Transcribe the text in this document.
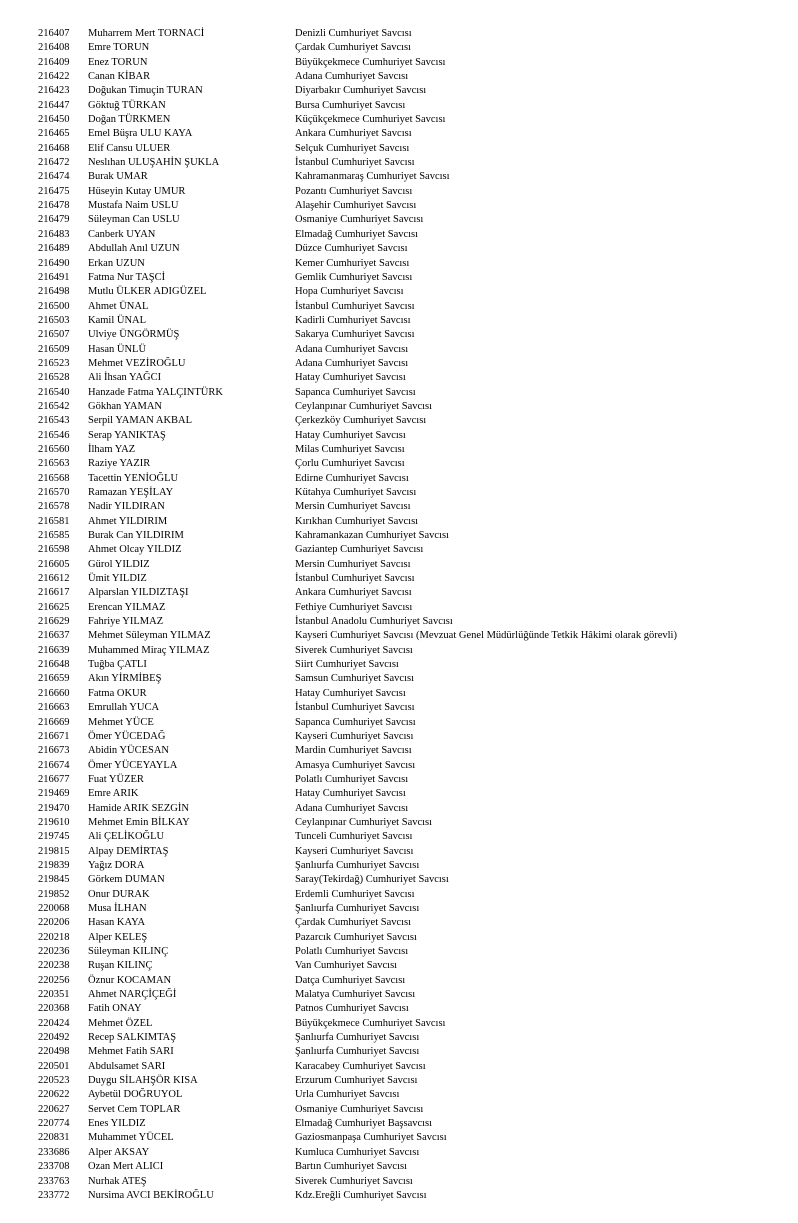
216407 Muharrem Mert TORNACİ	Denizli Cumhuriyet Savcısı
216408 Emre TORUN	Çardak Cumhuriyet Savcısı
216409 Enez TORUN	Büyükçekmece Cumhuriyet Savcısı
216422 Canan KİBAR	Adana Cumhuriyet Savcısı
216423 Doğukan Timuçin TURAN	Diyarbakır Cumhuriyet Savcısı
216447 Göktuğ TÜRKAN	Bursa Cumhuriyet Savcısı
216450 Doğan TÜRKMEN	Küçükçekmece Cumhuriyet Savcısı
216465 Emel Büşra ULU KAYA	Ankara Cumhuriyet Savcısı
216468 Elif Cansu ULUER	Selçuk Cumhuriyet Savcısı
216472 Neslıhan ULUŞAHİN ŞUKLA	İstanbul Cumhuriyet Savcısı
216474 Burak UMAR	Kahramanmaraş Cumhuriyet Savcısı
216475 Hüseyin Kutay UMUR	Pozantı Cumhuriyet Savcısı
216478 Mustafa Naim USLU	Alaşehir Cumhuriyet Savcısı
216479 Süleyman Can USLU	Osmaniye Cumhuriyet Savcısı
216483 Canberk UYAN	Elmadağ Cumhuriyet Savcısı
216489 Abdullah Anıl UZUN	Düzce Cumhuriyet Savcısı
216490 Erkan UZUN	Kemer Cumhuriyet Savcısı
216491 Fatma Nur TAŞCİ	Gemlik Cumhuriyet Savcısı
216498 Mutlu ÜLKER ADIGÜZEL	Hopa Cumhuriyet Savcısı
216500 Ahmet ÜNAL	İstanbul Cumhuriyet Savcısı
216503 Kamil ÜNAL	Kadirli Cumhuriyet Savcısı
216507 Ulviye ÜNGÖRMÜŞ	Sakarya Cumhuriyet Savcısı
216509 Hasan ÜNLÜ	Adana Cumhuriyet Savcısı
216523 Mehmet VEZİROĞLU	Adana Cumhuriyet Savcısı
216528 Ali İhsan YAĞCI	Hatay Cumhuriyet Savcısı
216540 Hanzade Fatma YALÇINTÜRK	Sapanca Cumhuriyet Savcısı
216542 Gökhan YAMAN	Ceylanpınar Cumhuriyet Savcısı
216543 Serpil YAMAN AKBAL	Çerkezköy Cumhuriyet Savcısı
216546 Serap YANIKTAŞ	Hatay Cumhuriyet Savcısı
216560 İlham YAZ	Milas Cumhuriyet Savcısı
216563 Raziye YAZIR	Çorlu Cumhuriyet Savcısı
216568 Tacettin YENİOĞLU	Edirne Cumhuriyet Savcısı
216570 Ramazan YEŞİLAY	Kütahya Cumhuriyet Savcısı
216578 Nadir YILDIRAN	Mersin Cumhuriyet Savcısı
216581 Ahmet YILDIRIM	Kırıkhan Cumhuriyet Savcısı
216585 Burak Can YILDIRIM	Kahramankazan Cumhuriyet Savcısı
216598 Ahmet Olcay YILDIZ	Gaziantep Cumhuriyet Savcısı
216605 Gürol YILDIZ	Mersin Cumhuriyet Savcısı
216612 Ümit YILDIZ	İstanbul Cumhuriyet Savcısı
216617 Alparslan YILDIZTAŞI	Ankara Cumhuriyet Savcısı
216625 Erencan YILMAZ	Fethiye Cumhuriyet Savcısı
216629 Fahriye YILMAZ	İstanbul Anadolu Cumhuriyet Savcısı
216637 Mehmet Süleyman YILMAZ	Kayseri Cumhuriyet Savcısı (Mevzuat Genel Müdürlüğünde Tetkik Hâkimi olarak görevli)
216639 Muhammed Miraç YILMAZ	Siverek Cumhuriyet Savcısı
216648 Tuğba ÇATLI	Siirt Cumhuriyet Savcısı
216659 Akın YİRMİBEŞ	Samsun Cumhuriyet Savcısı
216660 Fatma OKUR	Hatay Cumhuriyet Savcısı
216663 Emrullah YUCA	İstanbul Cumhuriyet Savcısı
216669 Mehmet YÜCE	Sapanca Cumhuriyet Savcısı
216671 Ömer YÜCEDAĞ	Kayseri Cumhuriyet Savcısı
216673 Abidin YÜCESAN	Mardin Cumhuriyet Savcısı
216674 Ömer YÜCEYAYLA	Amasya Cumhuriyet Savcısı
216677 Fuat YÜZER	Polatlı Cumhuriyet Savcısı
219469 Emre ARIK	Hatay Cumhuriyet Savcısı
219470 Hamide ARIK SEZGİN	Adana Cumhuriyet Savcısı
219610 Mehmet Emin BİLKAY	Ceylanpınar Cumhuriyet Savcısı
219745 Ali ÇELİKOĞLU	Tunceli Cumhuriyet Savcısı
219815 Alpay DEMİRTAŞ	Kayseri Cumhuriyet Savcısı
219839 Yağız DORA	Şanlıurfa Cumhuriyet Savcısı
219845 Görkem DUMAN	Saray(Tekirdağ) Cumhuriyet Savcısı
219852 Onur DURAK	Erdemli Cumhuriyet Savcısı
220068 Musa İLHAN	Şanlıurfa Cumhuriyet Savcısı
220206 Hasan KAYA	Çardak Cumhuriyet Savcısı
220218 Alper KELEŞ	Pazarcık Cumhuriyet Savcısı
220236 Süleyman KILINÇ	Polatlı Cumhuriyet Savcısı
220238 Ruşan KILINÇ	Van Cumhuriyet Savcısı
220256 Öznur KOCAMAN	Datça Cumhuriyet Savcısı
220351 Ahmet NARÇİÇEĞİ	Malatya Cumhuriyet Savcısı
220368 Fatih ONAY	Patnos Cumhuriyet Savcısı
220424 Mehmet ÖZEL	Büyükçekmece Cumhuriyet Savcısı
220492 Recep SALKIMTAŞ	Şanlıurfa Cumhuriyet Savcısı
220498 Mehmet Fatih SARI	Şanlıurfa Cumhuriyet Savcısı
220501 Abdulsamet SARI	Karacabey Cumhuriyet Savcısı
220523 Duygu SİLAHŞÖR KISA	Erzurum Cumhuriyet Savcısı
220622 Aybetül DOĞRUYOL	Urla Cumhuriyet Savcısı
220627 Servet Cem TOPLAR	Osmaniye Cumhuriyet Savcısı
220774 Enes YILDIZ	Elmadağ Cumhuriyet Başsavcısı
220831 Muhammet YÜCEL	Gaziosmanpaşa Cumhuriyet Savcısı
233686 Alper AKSAY	Kumluca Cumhuriyet Savcısı
233708 Ozan Mert ALICI	Bartın Cumhuriyet Savcısı
233763 Nurhak ATEŞ	Siverek Cumhuriyet Savcısı
233772 Nursima AVCI BEKİROĞLU	Kdz.Ereğli Cumhuriyet Savcısı
